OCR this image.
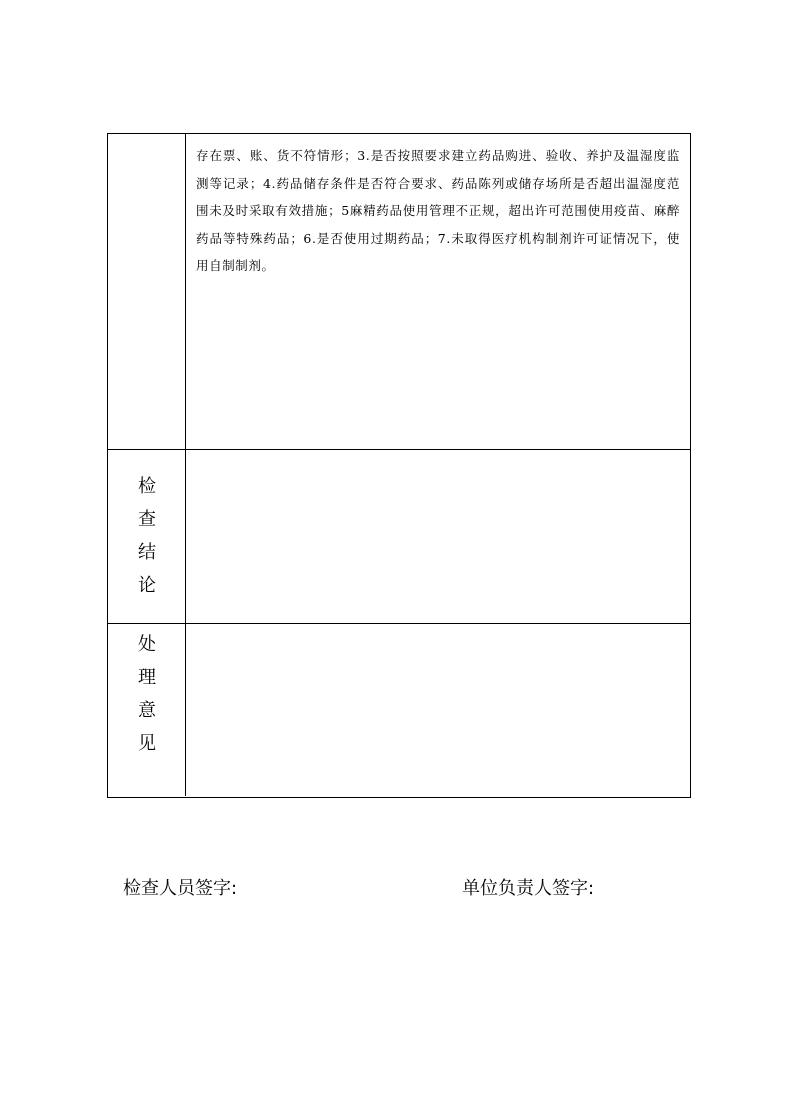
存在票、账、货不符情形；3.是否按照要求建立药品购进、验收、养护及温湿度监测等记录；4.药品储存条件是否符合要求、药品陈列或储存场所是否超出温湿度范围未及时采取有效措施；5麻精药品使用管理不正规，超出许可范围使用疫苗、麻醉药品等特殊药品；6.是否使用过期药品；7.未取得医疗机构制剂许可证情况下，使用自制制剂。

检
查
结
论
处
理
意
见
检查人员签字:	单位负责人签字:
